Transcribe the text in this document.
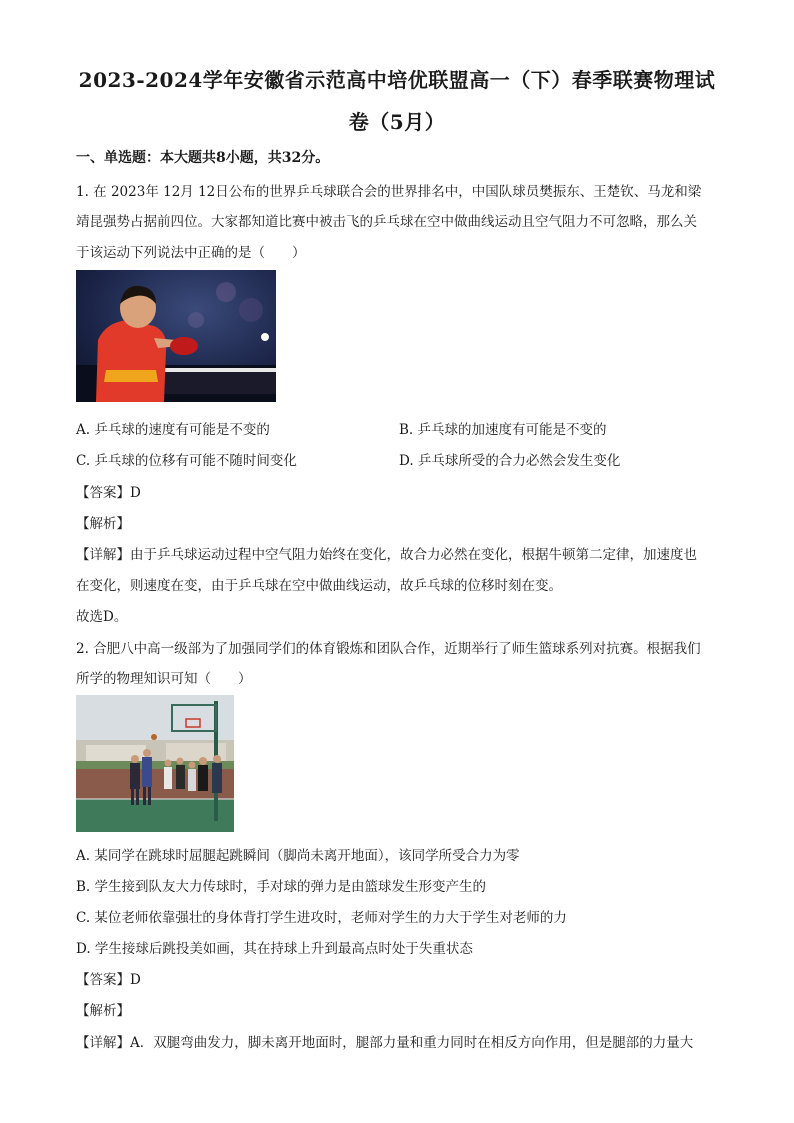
2023-2024学年安徽省示范高中培优联盟高一（下）春季联赛物理试
卷（5月）
一、单选题：本大题共8小题，共32分。
1. 在 2023年 12月 12日公布的世界乒乓球联合会的世界排名中，中国队球员樊振东、王楚钦、马龙和梁
靖昆强势占据前四位。大家都知道比赛中被击飞的乒乓球在空中做曲线运动且空气阻力不可忽略，那么关
于该运动下列说法中正确的是（　　）
A. 乒乓球的速度有可能是不变的	B. 乒乓球的加速度有可能是不变的
C. 乒乓球的位移有可能不随时间变化	D. 乒乓球所受的合力必然会发生变化
【答案】D
【解析】
【详解】由于乒乓球运动过程中空气阻力始终在变化，故合力必然在变化，根据牛顿第二定律，加速度也
在变化，则速度在变，由于乒乓球在空中做曲线运动，故乒乓球的位移时刻在变。
故选D。
2. 合肥八中高一级部为了加强同学们的体育锻炼和团队合作，近期举行了师生篮球系列对抗赛。根据我们
所学的物理知识可知（　　）
A. 某同学在跳球时屈腿起跳瞬间（脚尚未离开地面），该同学所受合力为零
B. 学生接到队友大力传球时，手对球的弹力是由篮球发生形变产生的
C. 某位老师依靠强壮的身体背打学生进攻时，老师对学生的力大于学生对老师的力
D. 学生接球后跳投美如画，其在持球上升到最高点时处于失重状态
【答案】D
【解析】
【详解】A．双腿弯曲发力，脚未离开地面时，腿部力量和重力同时在相反方向作用，但是腿部的力量大
